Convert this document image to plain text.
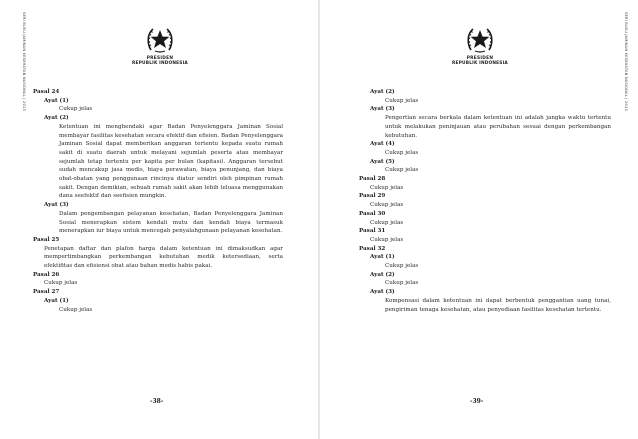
SERI BUKU JAMINAN KESEHATAN NASIONAL | 2013	PRESIDEN
REPUBLIK INDONESIA
Pasal 24
Ayat (1)
Cukup jelas
Ayat (2)
Ketentuan ini menghendaki agar Badan Penyelenggara Jaminan Sosial membayar fasilitas kesehatan secara efektif dan efisien. Badan Penyelenggara Jaminan Sosial dapat memberikan anggaran tertentu kepada suatu rumah sakit di suatu daerah untuk melayani sejumlah peserta atau membayar sejumlah tetap tertentu per kapita per bulan (kapitasi). Anggaran tersebut sudah mencakup jasa medis, biaya perawatan, biaya penunjang, dan biaya obat-obatan yang penggunaan rincinya diatur sendiri oleh pimpinan rumah sakit. Dengan demikian, sebuah rumah sakit akan lebih leluasa menggunakan dana seefektif dan seefisien mungkin.
Ayat (3)
Dalam pengembangan pelayanan kesehatan, Badan Penyelenggara Jaminan Sosial menerapkan sistem kendali mutu dan kendali biaya termasuk menerapkan iur biaya untuk mencegah penyalahgunaan pelayanan kesehatan.
Pasal 25
Penetapan daftar dan plafon harga dalam ketentuan ini dimaksudkan agar mempertimbangkan perkembangan kebutuhan medik ketersediaan, serta efektifitas dan efisiensi obat atau bahan medis habis pakai.
Pasal 26
Cukup jelas
Pasal 27
Ayat (1)
Cukup jelas
-38-
SERI BUKU JAMINAN KESEHATAN NASIONAL | 2013
PRESIDEN
REPUBLIK INDONESIA
Ayat (2)
Cukup jelas
Ayat (3)
Pengertian secara berkala dalam ketentuan ini adalah jangka waktu tertentu untuk melakukan peninjauan atau perubahan sesuai dengan perkembangan kebutuhan.
Ayat (4)
Cukup jelas
Ayat (5)
Cukup jelas
Pasal 28
Cukup jelas
Pasal 29
Cukup jelas
Pasal 30
Cukup jelas
Pasal 31
Cukup jelas
Pasal 32
Ayat (1)
Cukup jelas
Ayat (2)
Cukup jelas
Ayat (3)
Kompensasi dalam ketentuan ini dapat berbentuk penggantian uang tunai, pengiriman tenaga kesehatan, atau penyediaan fasilitas kesehatan tertentu.
-39-
